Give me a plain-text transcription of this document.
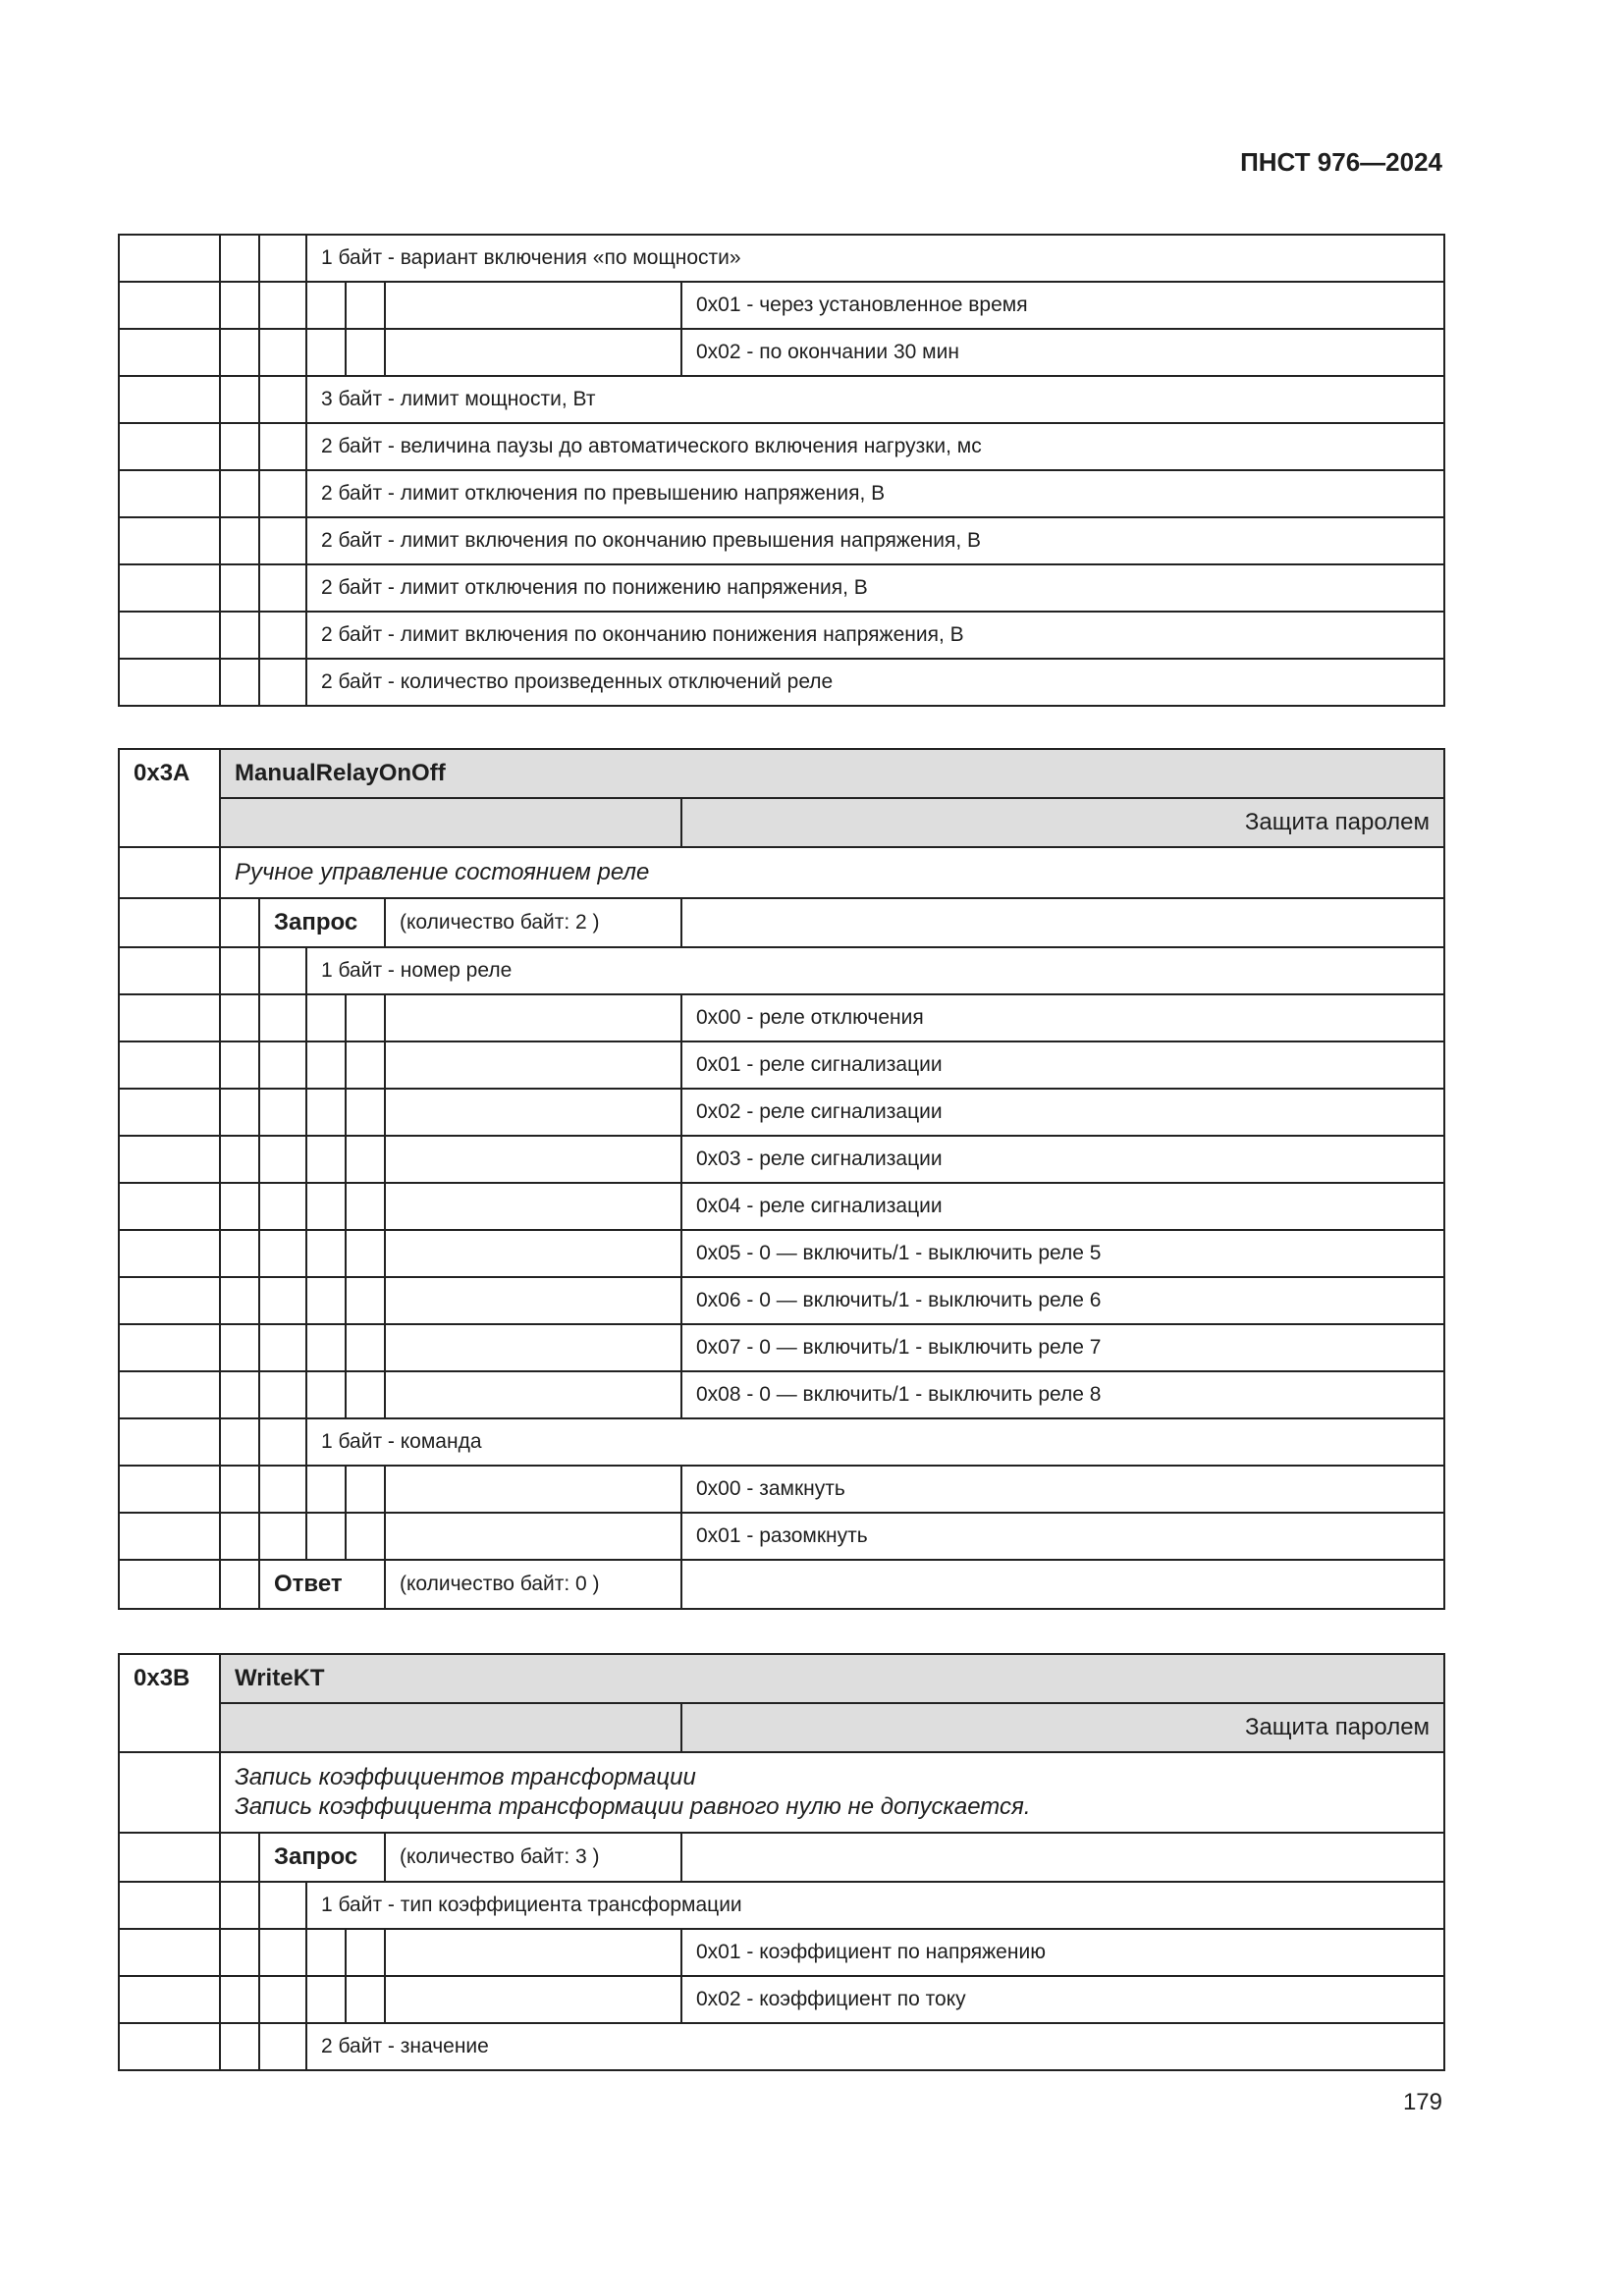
ПНСТ 976—2024
			1 байт - вариант включения «по мощности»			
						0x01 - через установленное время
						0x02 - по окончании 30 мин
			3 байт - лимит мощности, Вт			
			2 байт - величина паузы до автоматического включения нагрузки, мс			
			2 байт - лимит отключения по превышению напряжения, В			
			2 байт - лимит включения по окончанию превышения напряжения, В			
			2 байт - лимит отключения по понижению напряжения, В			
			2 байт - лимит включения по окончанию понижения напряжения, В			
			2 байт - количество произведенных отключений реле			
0x3A	ManualRelayOnOff					
						Защита паролем

	Ручное управление состоянием реле					

		Запрос			(количество байт: 2 )	
			1 байт - номер реле			
						0x00 - реле отключения
						0x01 - реле сигнализации
						0x02 - реле сигнализации
						0x03 - реле сигнализации
						0x04 - реле сигнализации
						0x05 - 0 — включить/1 - выключить реле 5
						0x06 - 0 — включить/1 - выключить реле 6
						0x07 - 0 — включить/1 - выключить реле 7
						0x08 - 0 — включить/1 - выключить реле 8
			1 байт - команда			
						0x00 - замкнуть
						0x01 - разомкнуть
		Ответ			(количество байт: 0 )	
0x3B	WriteKT					
						Защита паролем

	Запись коэффициентов трансформации
Запись коэффициента трансформации равного нулю не допускается.					

		Запрос			(количество байт: 3 )	
			1 байт - тип коэффициента трансформации			
						0x01 - коэффициент по напряжению
						0x02 - коэффициент по току
			2 байт - значение			
179
